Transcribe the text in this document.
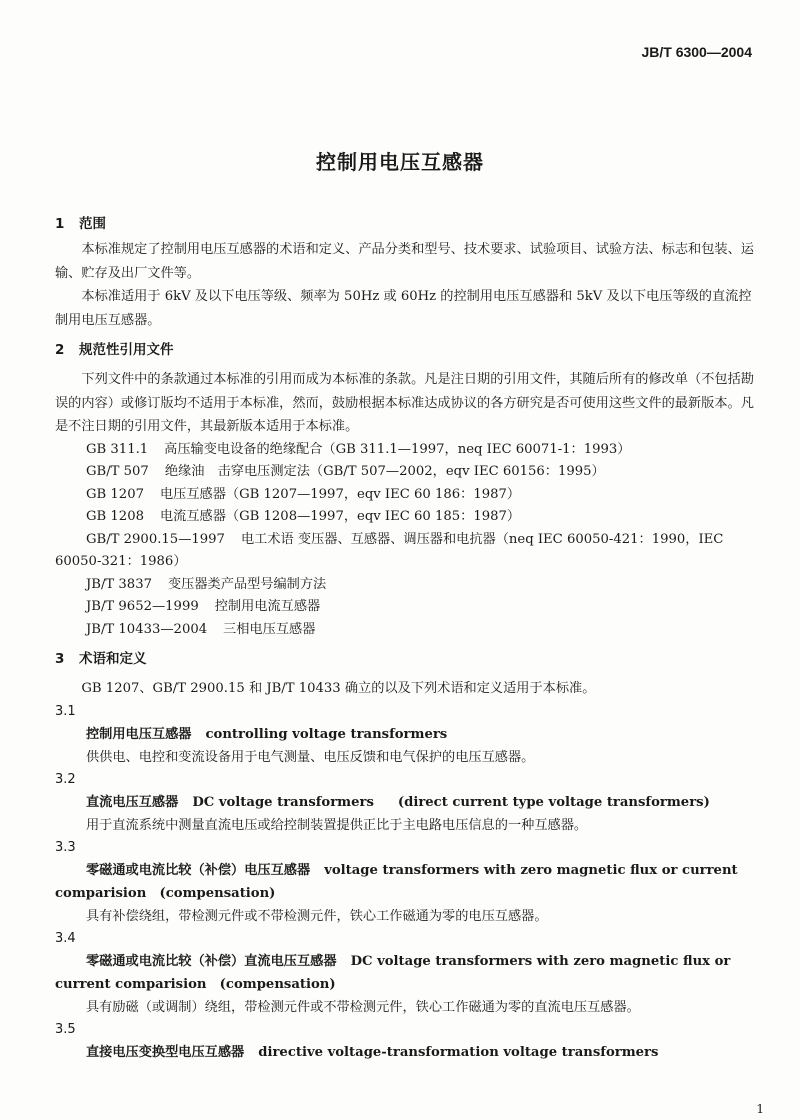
JB/T 6300—2004
控制用电压互感器
1 范围

本标准规定了控制用电压互感器的术语和定义、产品分类和型号、技术要求、试验项目、试验方法、标志和包装、运输、贮存及出厂文件等。

本标准适用于 6kV 及以下电压等级、频率为 50Hz 或 60Hz 的控制用电压互感器和 5kV 及以下电压等级的直流控制用电压互感器。

2 规范性引用文件

下列文件中的条款通过本标准的引用而成为本标准的条款。凡是注日期的引用文件，其随后所有的修改单（不包括勘误的内容）或修订版均不适用于本标准，然而，鼓励根据本标准达成协议的各方研究是否可使用这些文件的最新版本。凡是不注日期的引用文件，其最新版本适用于本标准。

GB 311.1 高压输变电设备的绝缘配合（GB 311.1—1997，neq IEC 60071-1：1993）

GB/T 507 绝缘油　击穿电压测定法（GB/T 507—2002，eqv IEC 60156：1995）

GB 1207 电压互感器（GB 1207—1997，eqv IEC 60 186：1987）

GB 1208 电流互感器（GB 1208—1997，eqv IEC 60 185：1987）

GB/T 2900.15—1997 电工术语 变压器、互感器、调压器和电抗器（neq IEC 60050-421：1990，IEC

60050-321：1986）

JB/T 3837 变压器类产品型号编制方法

JB/T 9652—1999 控制用电流互感器

JB/T 10433—2004 三相电压互感器

3 术语和定义

GB 1207、GB/T 2900.15 和 JB/T 10433 确立的以及下列术语和定义适用于本标准。

3.1

控制用电压互感器 controlling voltage transformers

供供电、电控和变流设备用于电气测量、电压反馈和电气保护的电压互感器。

3.2

直流电压互感器 DC voltage transformers (direct current type voltage transformers)

用于直流系统中测量直流电压或给控制装置提供正比于主电路电压信息的一种互感器。

3.3

零磁通或电流比较（补偿）电压互感器 voltage transformers with zero magnetic flux or current

comparision　(compensation)

具有补偿绕组，带检测元件或不带检测元件，铁心工作磁通为零的电压互感器。

3.4

零磁通或电流比较（补偿）直流电压互感器 DC voltage transformers with zero magnetic flux or

current comparision　(compensation)

具有励磁（或调制）绕组，带检测元件或不带检测元件，铁心工作磁通为零的直流电压互感器。

3.5

直接电压变换型电压互感器 directive voltage-transformation voltage transformers

1
